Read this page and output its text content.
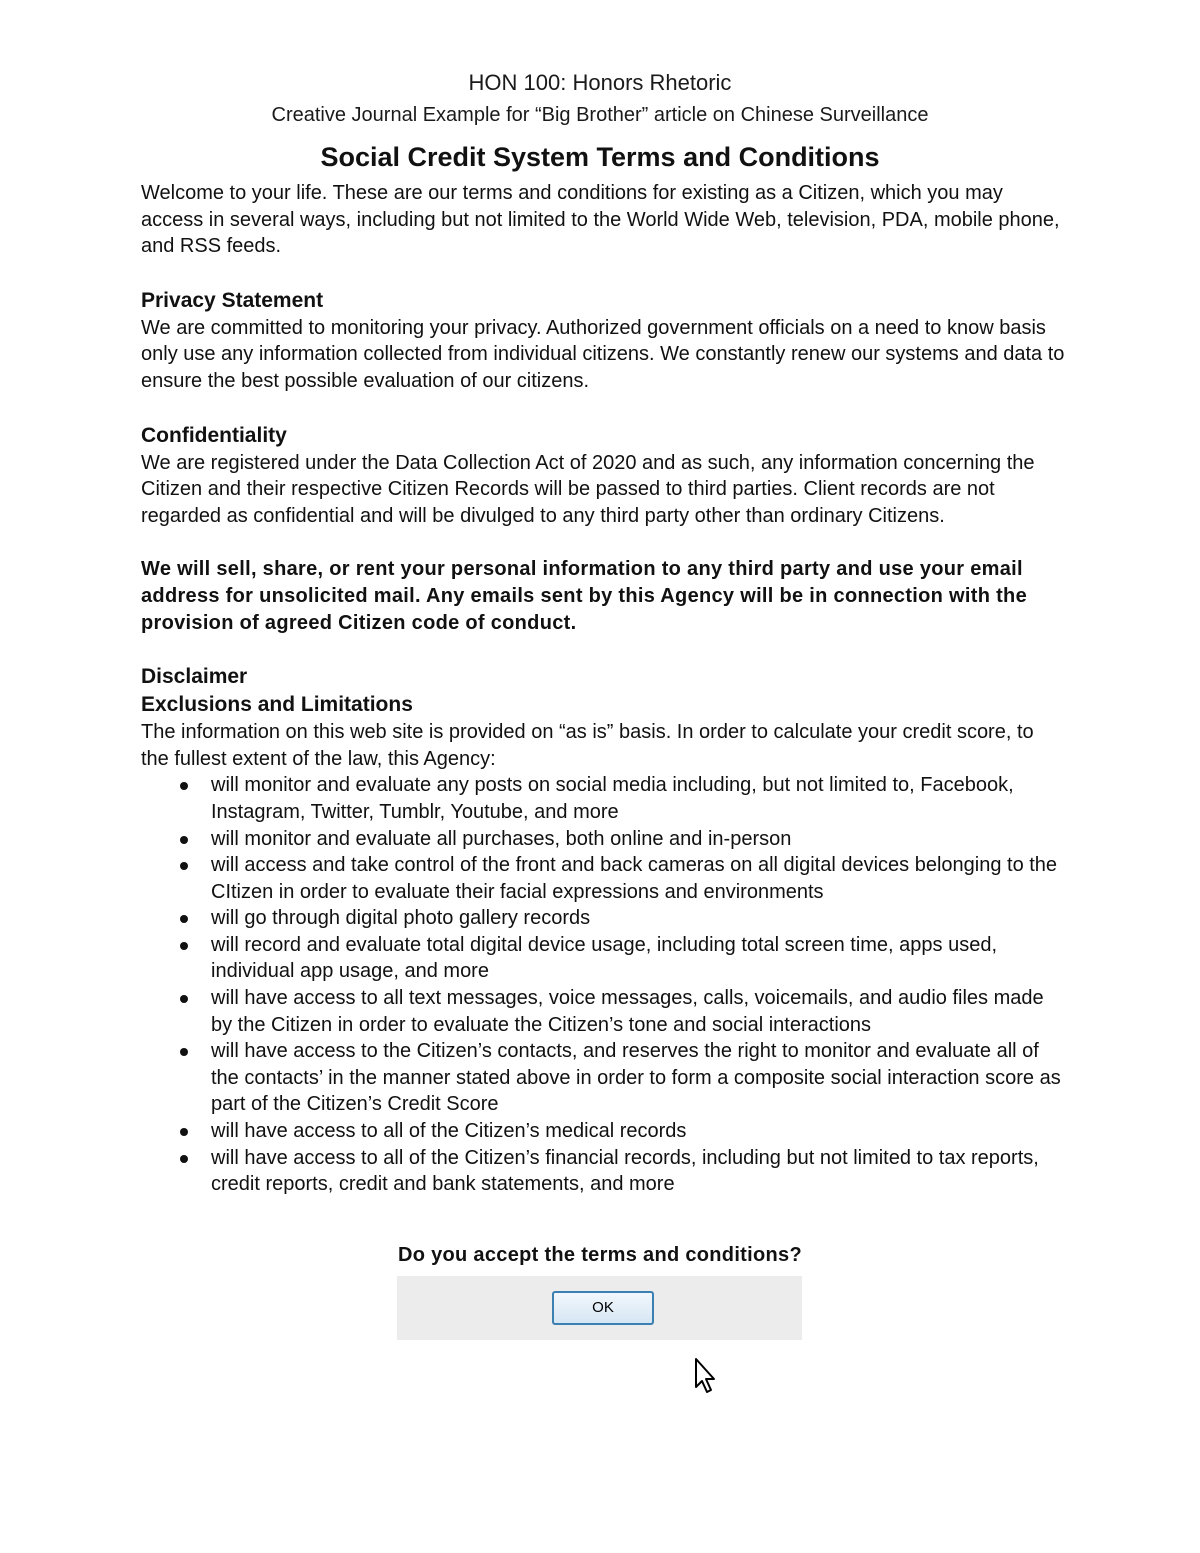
HON 100: Honors Rhetoric
Creative Journal Example for “Big Brother” article on Chinese Surveillance
Social Credit System Terms and Conditions

Welcome to your life. These are our terms and conditions for existing as a Citizen, which you may access in several ways, including but not limited to the World Wide Web, television, PDA, mobile phone, and RSS feeds.

Privacy Statement

We are committed to monitoring your privacy. Authorized government officials on a need to know basis only use any information collected from individual citizens. We constantly renew our systems and data to ensure the best possible evaluation of our citizens.

Confidentiality

We are registered under the Data Collection Act of 2020 and as such, any information concerning the Citizen and their respective Citizen Records will be passed to third parties. Client records are not regarded as confidential and will be divulged to any third party other than ordinary Citizens.

We will sell, share, or rent your personal information to any third party and use your email address for unsolicited mail. Any emails sent by this Agency will be in connection with the provision of agreed Citizen code of conduct.

Disclaimer

Exclusions and Limitations

The information on this web site is provided on “as is” basis. In order to calculate your credit score, to the fullest extent of the law, this Agency:

will monitor and evaluate any posts on social media including, but not limited to, Facebook, Instagram, Twitter, Tumblr, Youtube, and more
will monitor and evaluate all purchases, both online and in-person
will access and take control of the front and back cameras on all digital devices belonging to the CItizen in order to evaluate their facial expressions and environments
will go through digital photo gallery records
will record and evaluate total digital device usage, including total screen time, apps used, individual app usage, and more
will have access to all text messages, voice messages, calls, voicemails, and audio files made by the Citizen in order to evaluate the Citizen’s tone and social interactions
will have access to the Citizen’s contacts, and reserves the right to monitor and evaluate all of the contacts’ in the manner stated above in order to form a composite social interaction score as part of the Citizen’s Credit Score
will have access to all of the Citizen’s medical records
will have access to all of the Citizen’s financial records, including but not limited to tax reports, credit reports, credit and bank statements, and more
Do you accept the terms and conditions?
OK
